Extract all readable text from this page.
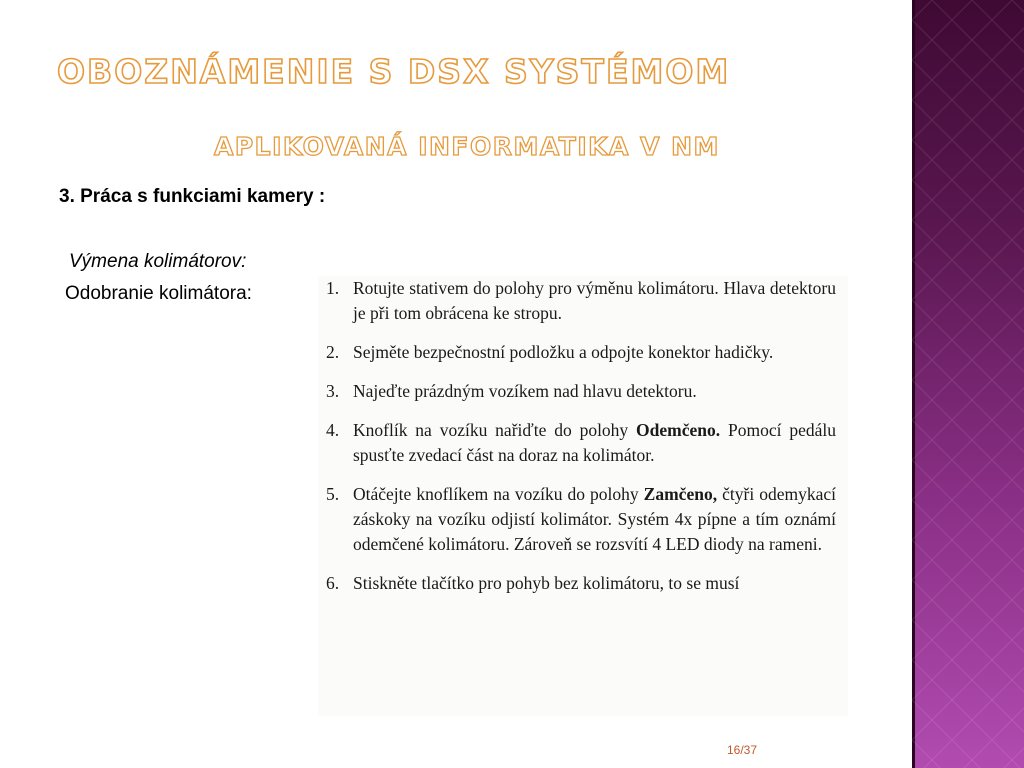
OBOZNÁMENIE S DSX SYSTÉMOM
APLIKOVANÁ INFORMATIKA V NM
3. Práca s funkciami kamery :
Výmena kolimátorov:
Odobranie kolimátora:	1. Rotujte stativem do polohy pro výměnu kolimátoru. Hlava detektoru je při tom obrácena ke stropu.
2. Sejměte bezpečnostní podložku a odpojte konektor hadičky.
3. Najeďte prázdným vozíkem nad hlavu detektoru.
4. Knoflík na vozíku nařiďte do polohy Odemčeno. Pomocí pedálu spusťte zvedací část na doraz na kolimátor.
5. Otáčejte knoflíkem na vozíku do polohy Zamčeno, čtyři odemykací záskoky na vozíku odjistí kolimátor. Systém 4x pípne a tím oznámí odemčené kolimátoru. Zároveň se rozsvítí 4 LED diody na rameni.
6. Stiskněte tlačítko pro pohyb bez kolimátoru, to se musí
16/37
